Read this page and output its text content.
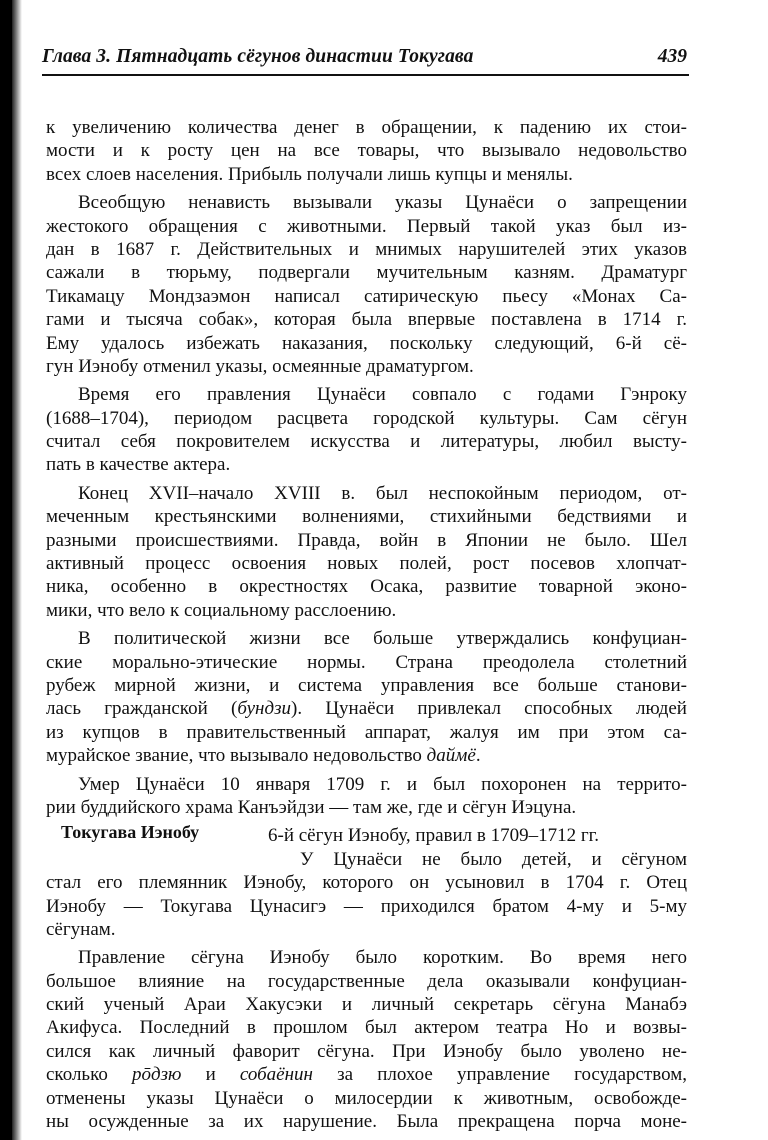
Глава 3. Пятнадцать сёгунов династии Токугава	439
Токугава Иэнобу
к увеличению количества денег в обращении, к падению их стои-
мости и к росту цен на все товары, что вызывало недовольство
всех слоев населения. Прибыль получали лишь купцы и менялы.
Всеобщую ненависть вызывали указы Цунаёси о запрещении
жестокого обращения с животными. Первый такой указ был из-
дан в 1687 г. Действительных и мнимых нарушителей этих указов
сажали в тюрьму, подвергали мучительным казням. Драматург
Тикамацу Мондзаэмон написал сатирическую пьесу «Монах Са-
гами и тысяча собак», которая была впервые поставлена в 1714 г.
Ему удалось избежать наказания, поскольку следующий, 6-й сё-
гун Иэнобу отменил указы, осмеянные драматургом.
Время его правления Цунаёси совпало с годами Гэнроку
(1688–1704), периодом расцвета городской культуры. Сам сёгун
считал себя покровителем искусства и литературы, любил высту-
пать в качестве актера.
Конец XVII–начало XVIII в. был неспокойным периодом, от-
меченным крестьянскими волнениями, стихийными бедствиями и
разными происшествиями. Правда, войн в Японии не было. Шел
активный процесс освоения новых полей, рост посевов хлопчат-
ника, особенно в окрестностях Осака, развитие товарной эконо-
мики, что вело к социальному расслоению.
В политической жизни все больше утверждались конфуциан-
ские морально-этические нормы. Страна преодолела столетний
рубеж мирной жизни, и система управления все больше станови-
лась гражданской (бундзи). Цунаёси привлекал способных людей
из купцов в правительственный аппарат, жалуя им при этом са-
мурайское звание, что вызывало недовольство даймё.
Умер Цунаёси 10 января 1709 г. и был похоронен на террито-
рии буддийского храма Канъэйдзи — там же, где и сёгун Иэцуна.
6-й сёгун Иэнобу, правил в 1709–1712 гг.
У Цунаёси не было детей, и сёгуном
стал его племянник Иэнобу, которого он усыновил в 1704 г. Отец
Иэнобу — Токугава Цунасигэ — приходился братом 4-му и 5-му
сёгунам.
Правление сёгуна Иэнобу было коротким. Во время него
большое влияние на государственные дела оказывали конфуциан-
ский ученый Араи Хакусэки и личный секретарь сёгуна Манабэ
Акифуса. Последний в прошлом был актером театра Но и возвы-
сился как личный фаворит сёгуна. При Иэнобу было уволено не-
сколько рōдзю и собаёнин за плохое управление государством,
отменены указы Цунаёси о милосердии к животным, освобожде-
ны осужденные за их нарушение. Была прекращена порча моне-
